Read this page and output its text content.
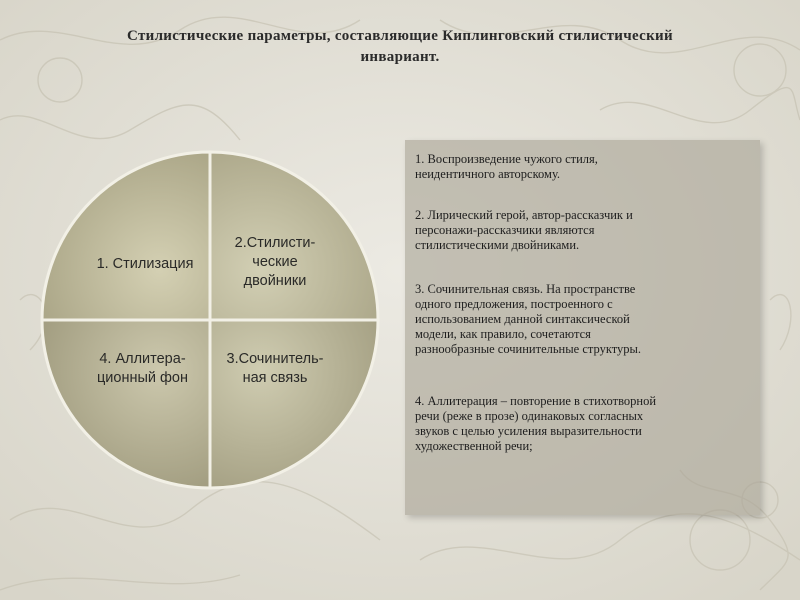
Стилистические параметры, составляющие Киплинговский стилистический
инвариант.
1. Стилизация
2.Стилисти-
ческие
двойники
3.Сочинитель-
ная связь
4. Аллитера-
ционный фон
1. Воспроизведение чужого стиля,
неидентичного авторскому.
2. Лирический герой, автор-рассказчик и
персонажи-рассказчики являются
стилистическими двойниками.
3. Сочинительная связь. На пространстве
одного предложения, построенного с
использованием данной синтаксической
модели, как правило, сочетаются
разнообразные сочинительные структуры.
4. Аллитерация – повторение в стихотворной
речи (реже в прозе) одинаковых согласных
звуков с целью усиления выразительности
художественной речи;
